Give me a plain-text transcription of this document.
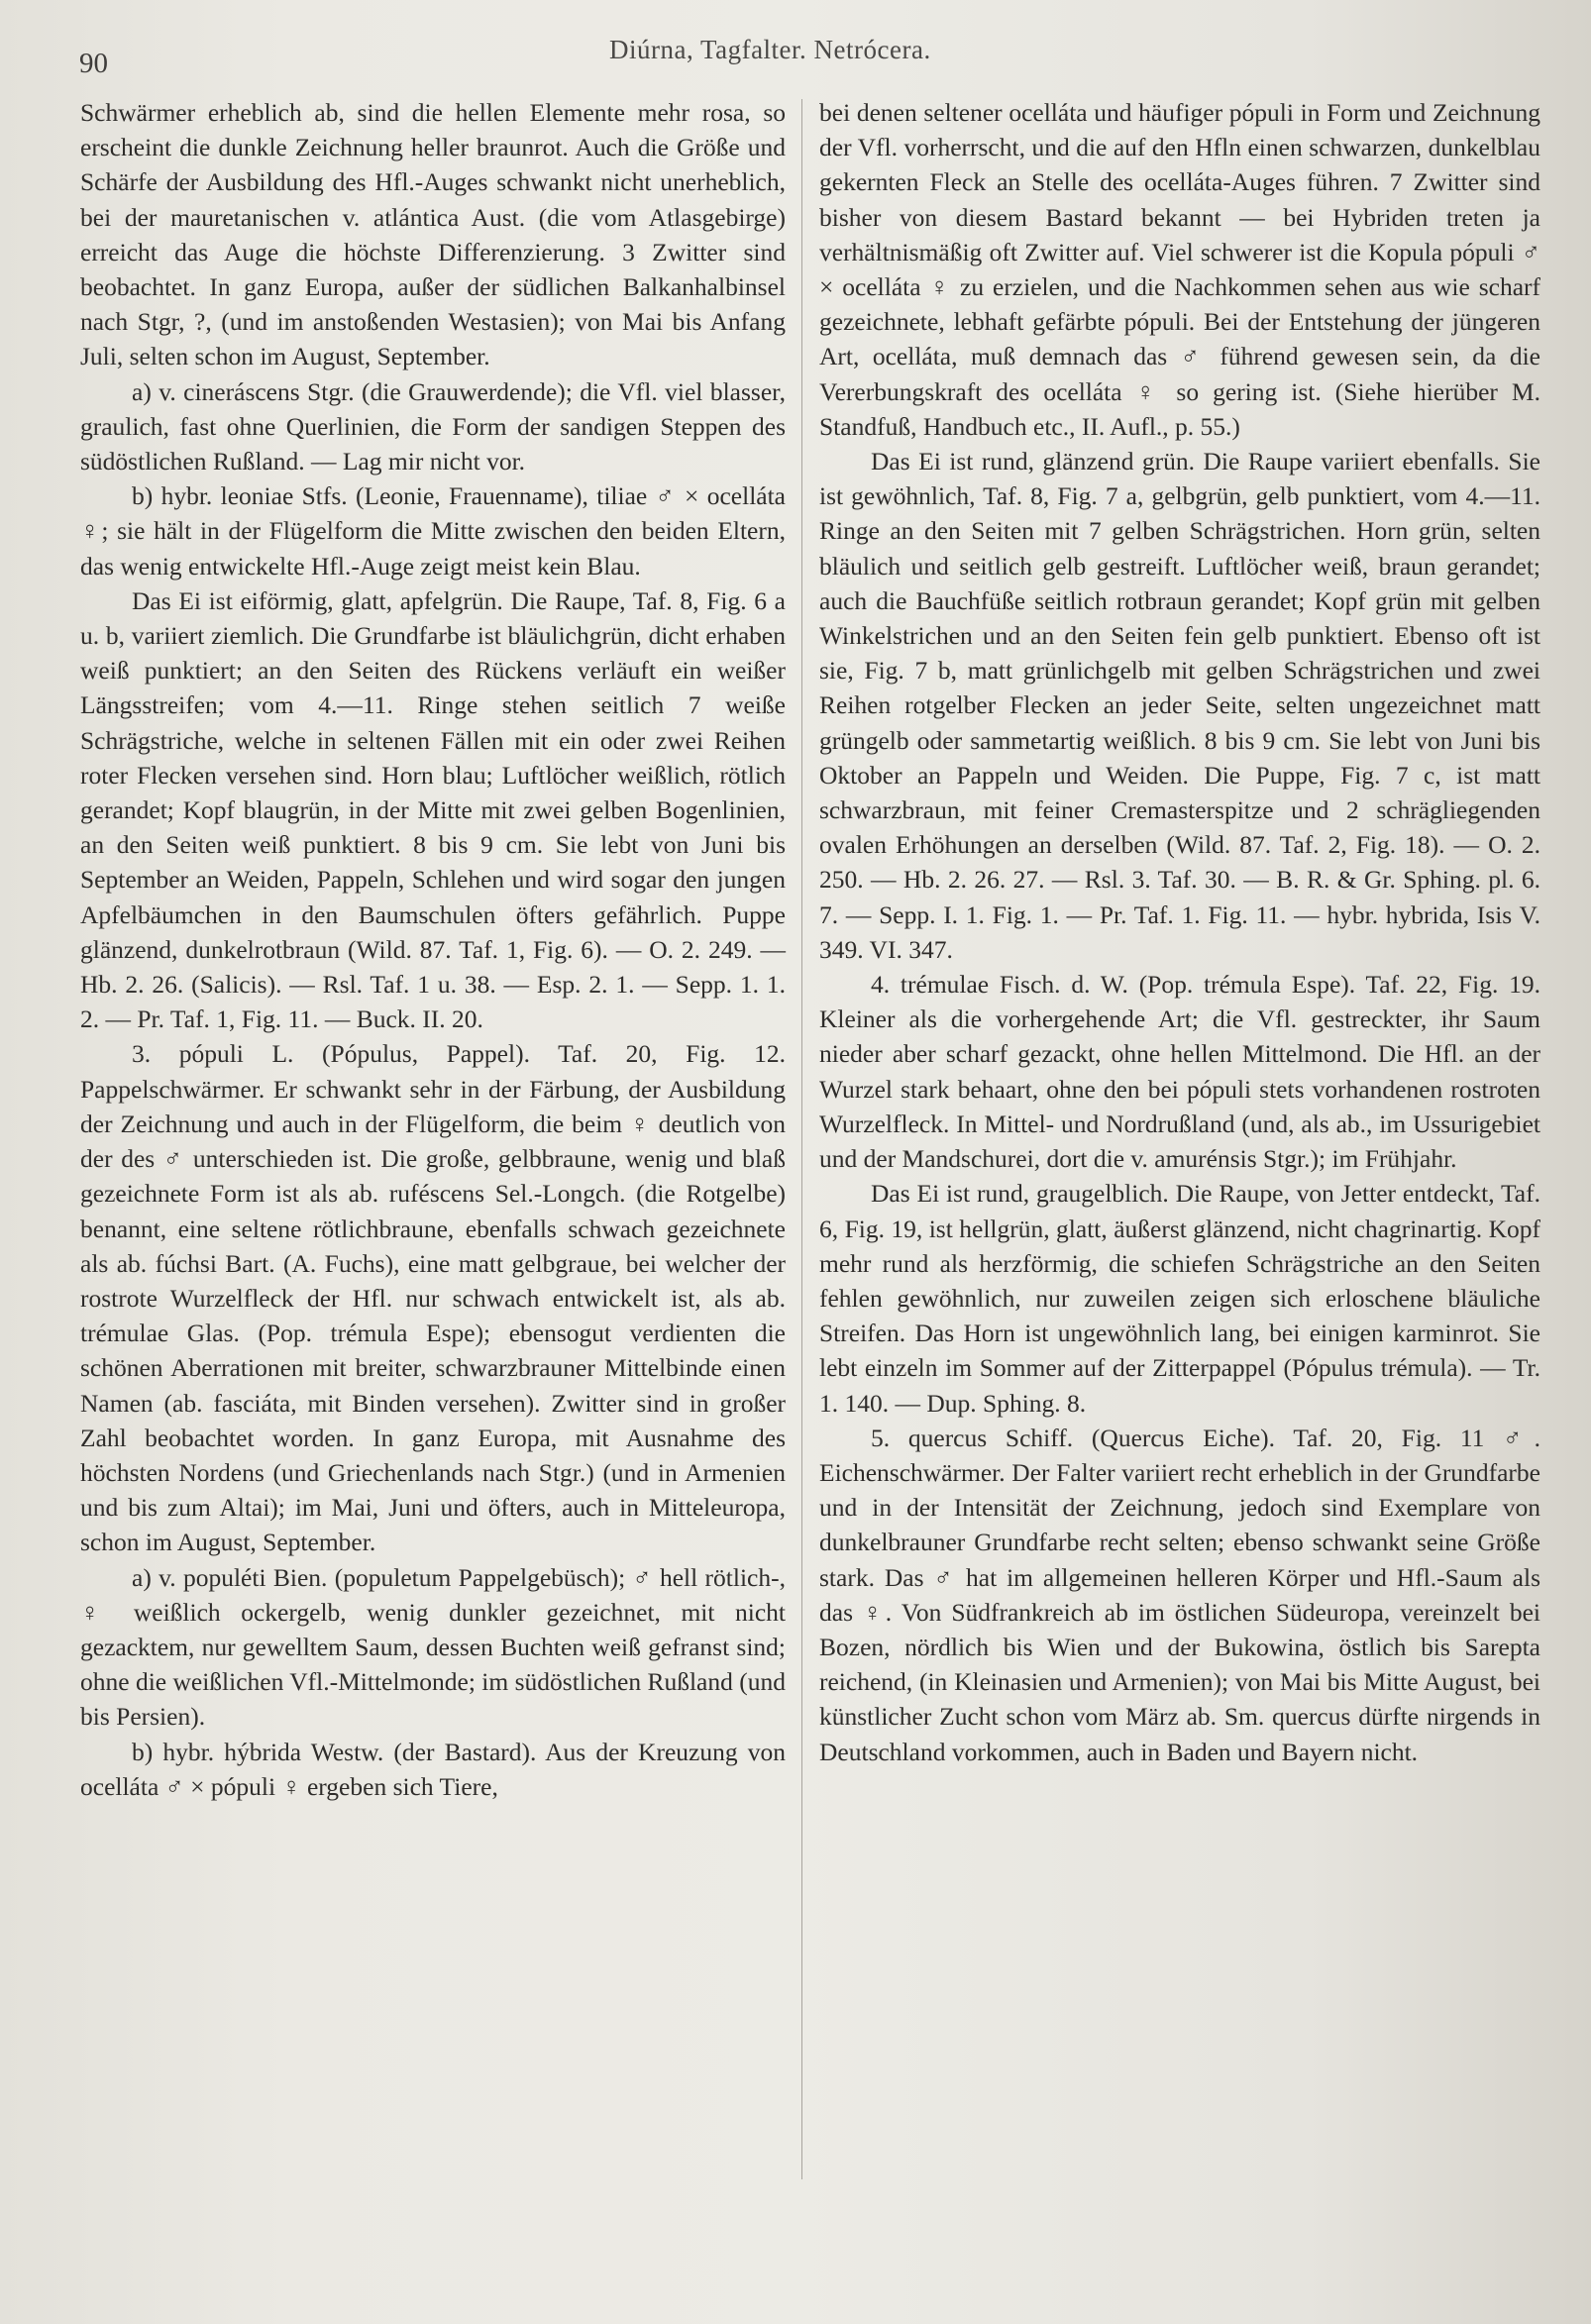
90	Diúrna, Tagfalter. Netrócera.

Schwärmer erheblich ab, sind die hellen Elemente mehr rosa, so erscheint die dunkle Zeichnung heller braunrot. Auch die Größe und Schärfe der Ausbildung des Hfl.-Auges schwankt nicht unerheblich, bei der mauretanischen v. atlántica Aust. (die vom Atlasgebirge) erreicht das Auge die höchste Differenzierung. 3 Zwitter sind beobachtet. In ganz Europa, außer der südlichen Balkanhalbinsel nach Stgr, ?, (und im anstoßenden Westasien); von Mai bis Anfang Juli, selten schon im August, September.

a) v. cineráscens Stgr. (die Grauwerdende); die Vfl. viel blasser, graulich, fast ohne Querlinien, die Form der sandigen Steppen des südöstlichen Rußland. — Lag mir nicht vor.

b) hybr. leoniae Stfs. (Leonie, Frauenname), tiliae ♂ × ocelláta ♀; sie hält in der Flügelform die Mitte zwischen den beiden Eltern, das wenig entwickelte Hfl.-Auge zeigt meist kein Blau.

Das Ei ist eiförmig, glatt, apfelgrün. Die Raupe, Taf. 8, Fig. 6 a u. b, variiert ziemlich. Die Grundfarbe ist bläulichgrün, dicht erhaben weiß punktiert; an den Seiten des Rückens verläuft ein weißer Längsstreifen; vom 4.—11. Ringe stehen seitlich 7 weiße Schrägstriche, welche in seltenen Fällen mit ein oder zwei Reihen roter Flecken versehen sind. Horn blau; Luftlöcher weißlich, rötlich gerandet; Kopf blaugrün, in der Mitte mit zwei gelben Bogenlinien, an den Seiten weiß punktiert. 8 bis 9 cm. Sie lebt von Juni bis September an Weiden, Pappeln, Schlehen und wird sogar den jungen Apfelbäumchen in den Baumschulen öfters gefährlich. Puppe glänzend, dunkelrotbraun (Wild. 87. Taf. 1, Fig. 6). — O. 2. 249. — Hb. 2. 26. (Salicis). — Rsl. Taf. 1 u. 38. — Esp. 2. 1. — Sepp. 1. 1. 2. — Pr. Taf. 1, Fig. 11. — Buck. II. 20.

3. pópuli L. (Pópulus, Pappel). Taf. 20, Fig. 12. Pappelschwärmer. Er schwankt sehr in der Färbung, der Ausbildung der Zeichnung und auch in der Flügelform, die beim ♀ deutlich von der des ♂ unterschieden ist. Die große, gelbbraune, wenig und blaß gezeichnete Form ist als ab. ruféscens Sel.-Longch. (die Rotgelbe) benannt, eine seltene rötlichbraune, ebenfalls schwach gezeichnete als ab. fúchsi Bart. (A. Fuchs), eine matt gelbgraue, bei welcher der rostrote Wurzelfleck der Hfl. nur schwach entwickelt ist, als ab. trémulae Glas. (Pop. trémula Espe); ebensogut verdienten die schönen Aberrationen mit breiter, schwarzbrauner Mittelbinde einen Namen (ab. fasciáta, mit Binden versehen). Zwitter sind in großer Zahl beobachtet worden. In ganz Europa, mit Ausnahme des höchsten Nordens (und Griechenlands nach Stgr.) (und in Armenien und bis zum Altai); im Mai, Juni und öfters, auch in Mitteleuropa, schon im August, September.

a) v. populéti Bien. (populetum Pappelgebüsch); ♂ hell rötlich-, ♀ weißlich ockergelb, wenig dunkler gezeichnet, mit nicht gezacktem, nur gewelltem Saum, dessen Buchten weiß gefranst sind; ohne die weißlichen Vfl.-Mittelmonde; im südöstlichen Rußland (und bis Persien).

b) hybr. hýbrida Westw. (der Bastard). Aus der Kreuzung von ocelláta ♂ × pópuli ♀ ergeben sich Tiere,

bei denen seltener ocelláta und häufiger pópuli in Form und Zeichnung der Vfl. vorherrscht, und die auf den Hfln einen schwarzen, dunkelblau gekernten Fleck an Stelle des ocelláta-Auges führen. 7 Zwitter sind bisher von diesem Bastard bekannt — bei Hybriden treten ja verhältnismäßig oft Zwitter auf. Viel schwerer ist die Kopula pópuli ♂ × ocelláta ♀ zu erzielen, und die Nachkommen sehen aus wie scharf gezeichnete, lebhaft gefärbte pópuli. Bei der Entstehung der jüngeren Art, ocelláta, muß demnach das ♂ führend gewesen sein, da die Vererbungskraft des ocelláta ♀ so gering ist. (Siehe hierüber M. Standfuß, Handbuch etc., II. Aufl., p. 55.)

Das Ei ist rund, glänzend grün. Die Raupe variiert ebenfalls. Sie ist gewöhnlich, Taf. 8, Fig. 7 a, gelbgrün, gelb punktiert, vom 4.—11. Ringe an den Seiten mit 7 gelben Schrägstrichen. Horn grün, selten bläulich und seitlich gelb gestreift. Luftlöcher weiß, braun gerandet; auch die Bauchfüße seitlich rotbraun gerandet; Kopf grün mit gelben Winkelstrichen und an den Seiten fein gelb punktiert. Ebenso oft ist sie, Fig. 7 b, matt grünlichgelb mit gelben Schrägstrichen und zwei Reihen rotgelber Flecken an jeder Seite, selten ungezeichnet matt grüngelb oder sammetartig weißlich. 8 bis 9 cm. Sie lebt von Juni bis Oktober an Pappeln und Weiden. Die Puppe, Fig. 7 c, ist matt schwarzbraun, mit feiner Cremasterspitze und 2 schrägliegenden ovalen Erhöhungen an derselben (Wild. 87. Taf. 2, Fig. 18). — O. 2. 250. — Hb. 2. 26. 27. — Rsl. 3. Taf. 30. — B. R. & Gr. Sphing. pl. 6. 7. — Sepp. I. 1. Fig. 1. — Pr. Taf. 1. Fig. 11. — hybr. hybrida, Isis V. 349. VI. 347.

4. trémulae Fisch. d. W. (Pop. trémula Espe). Taf. 22, Fig. 19. Kleiner als die vorhergehende Art; die Vfl. gestreckter, ihr Saum nieder aber scharf gezackt, ohne hellen Mittelmond. Die Hfl. an der Wurzel stark behaart, ohne den bei pópuli stets vorhandenen rostroten Wurzelfleck. In Mittel- und Nordrußland (und, als ab., im Ussurigebiet und der Mandschurei, dort die v. amurénsis Stgr.); im Frühjahr.

Das Ei ist rund, graugelblich. Die Raupe, von Jetter entdeckt, Taf. 6, Fig. 19, ist hellgrün, glatt, äußerst glänzend, nicht chagrinartig. Kopf mehr rund als herzförmig, die schiefen Schrägstriche an den Seiten fehlen gewöhnlich, nur zuweilen zeigen sich erloschene bläuliche Streifen. Das Horn ist ungewöhnlich lang, bei einigen karminrot. Sie lebt einzeln im Sommer auf der Zitterpappel (Pópulus trémula). — Tr. 1. 140. — Dup. Sphing. 8.

5. quercus Schiff. (Quercus Eiche). Taf. 20, Fig. 11 ♂. Eichenschwärmer. Der Falter variiert recht erheblich in der Grundfarbe und in der Intensität der Zeichnung, jedoch sind Exemplare von dunkelbrauner Grundfarbe recht selten; ebenso schwankt seine Größe stark. Das ♂ hat im allgemeinen helleren Körper und Hfl.-Saum als das ♀. Von Südfrankreich ab im östlichen Südeuropa, vereinzelt bei Bozen, nördlich bis Wien und der Bukowina, östlich bis Sarepta reichend, (in Kleinasien und Armenien); von Mai bis Mitte August, bei künstlicher Zucht schon vom März ab. Sm. quercus dürfte nirgends in Deutschland vorkommen, auch in Baden und Bayern nicht.
